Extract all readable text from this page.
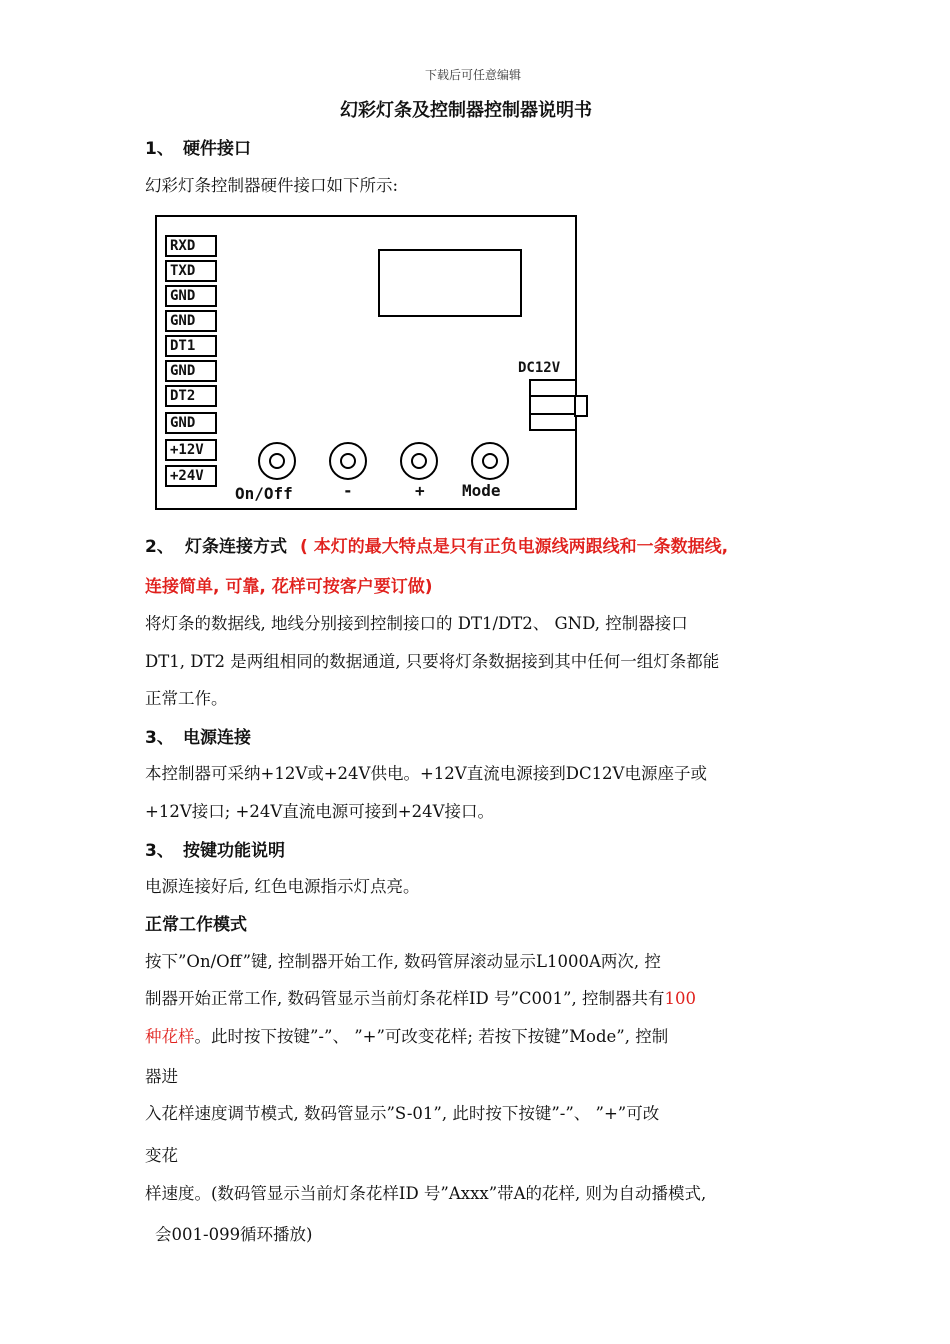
下载后可任意编辑
幻彩灯条及控制器控制器说明书
1、 硬件接口
幻彩灯条控制器硬件接口如下所示:
RXD
TXD
GND
GND
DT1
GND
DT2
GND
+12V
+24V
DC12V
On/Off	-	+ Mode
2、 灯条连接方式 ( 本灯的最大特点是只有正负电源线两跟线和一条数据线,
连接简单, 可靠, 花样可按客户要订做)
将灯条的数据线, 地线分别接到控制接口的 DT1/DT2、 GND, 控制器接口
DT1, DT2 是两组相同的数据通道, 只要将灯条数据接到其中任何一组灯条都能
正常工作。
3、 电源连接
本控制器可采纳+12V或+24V供电。+12V直流电源接到DC12V电源座子或
+12V接口; +24V直流电源可接到+24V接口。
3、 按键功能说明
电源连接好后, 红色电源指示灯点亮。
正常工作模式
按下”On/Off”键, 控制器开始工作, 数码管屏滚动显示L1000A两次, 控
制器开始正常工作, 数码管显示当前灯条花样ID 号”C001”, 控制器共有100
种花样。此时按下按键”-”、 ”+”可改变花样; 若按下按键”Mode”, 控制
器进
入花样速度调节模式, 数码管显示”S-01”, 此时按下按键”-”、 ”+”可改
变花
样速度。(数码管显示当前灯条花样ID 号”Axxx”带A的花样, 则为自动播模式,
会001-099循环播放)
